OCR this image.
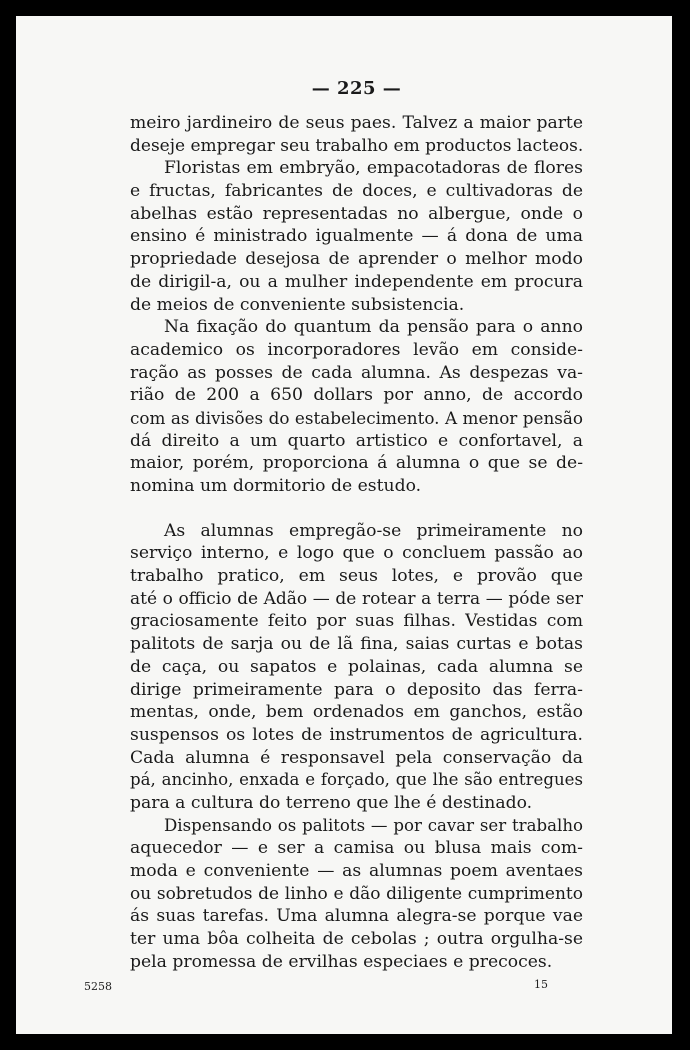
— 225 —
meiro jardineiro de seus paes. Talvez a maior parte
deseje empregar seu trabalho em productos lacteos.
Floristas em embryão, empacotadoras de flores
e fructas, fabricantes de doces, e cultivadoras de
abelhas estão representadas no albergue, onde o
ensino é ministrado igualmente — á dona de uma
propriedade desejosa de aprender o melhor modo
de dirigil-a, ou a mulher independente em procura
de meios de conveniente subsistencia.
Na fixação do quantum da pensão para o anno
academico os incorporadores levão em conside-
ração as posses de cada alumna. As despezas va-
rião de 200 a 650 dollars por anno, de accordo
com as divisões do estabelecimento. A menor pensão
dá direito a um quarto artistico e confortavel, a
maior, porém, proporciona á alumna o que se de-
nomina um dormitorio de estudo.
As alumnas empregão-se primeiramente no
serviço interno, e logo que o concluem passão ao
trabalho pratico, em seus lotes, e provão que
até o officio de Adão — de rotear a terra — póde ser
graciosamente feito por suas filhas. Vestidas com
palitots de sarja ou de lã fina, saias curtas e botas
de caça, ou sapatos e polainas, cada alumna se
dirige primeiramente para o deposito das ferra-
mentas, onde, bem ordenados em ganchos, estão
suspensos os lotes de instrumentos de agricultura.
Cada alumna é responsavel pela conservação da
pá, ancinho, enxada e forçado, que lhe são entregues
para a cultura do terreno que lhe é destinado.
Dispensando os palitots — por cavar ser trabalho
aquecedor — e ser a camisa ou blusa mais com-
moda e conveniente — as alumnas poem aventaes
ou sobretudos de linho e dão diligente cumprimento
ás suas tarefas. Uma alumna alegra-se porque vae
ter uma bôa colheita de cebolas ; outra orgulha-se
pela promessa de ervilhas especiaes e precoces.
5258	15
